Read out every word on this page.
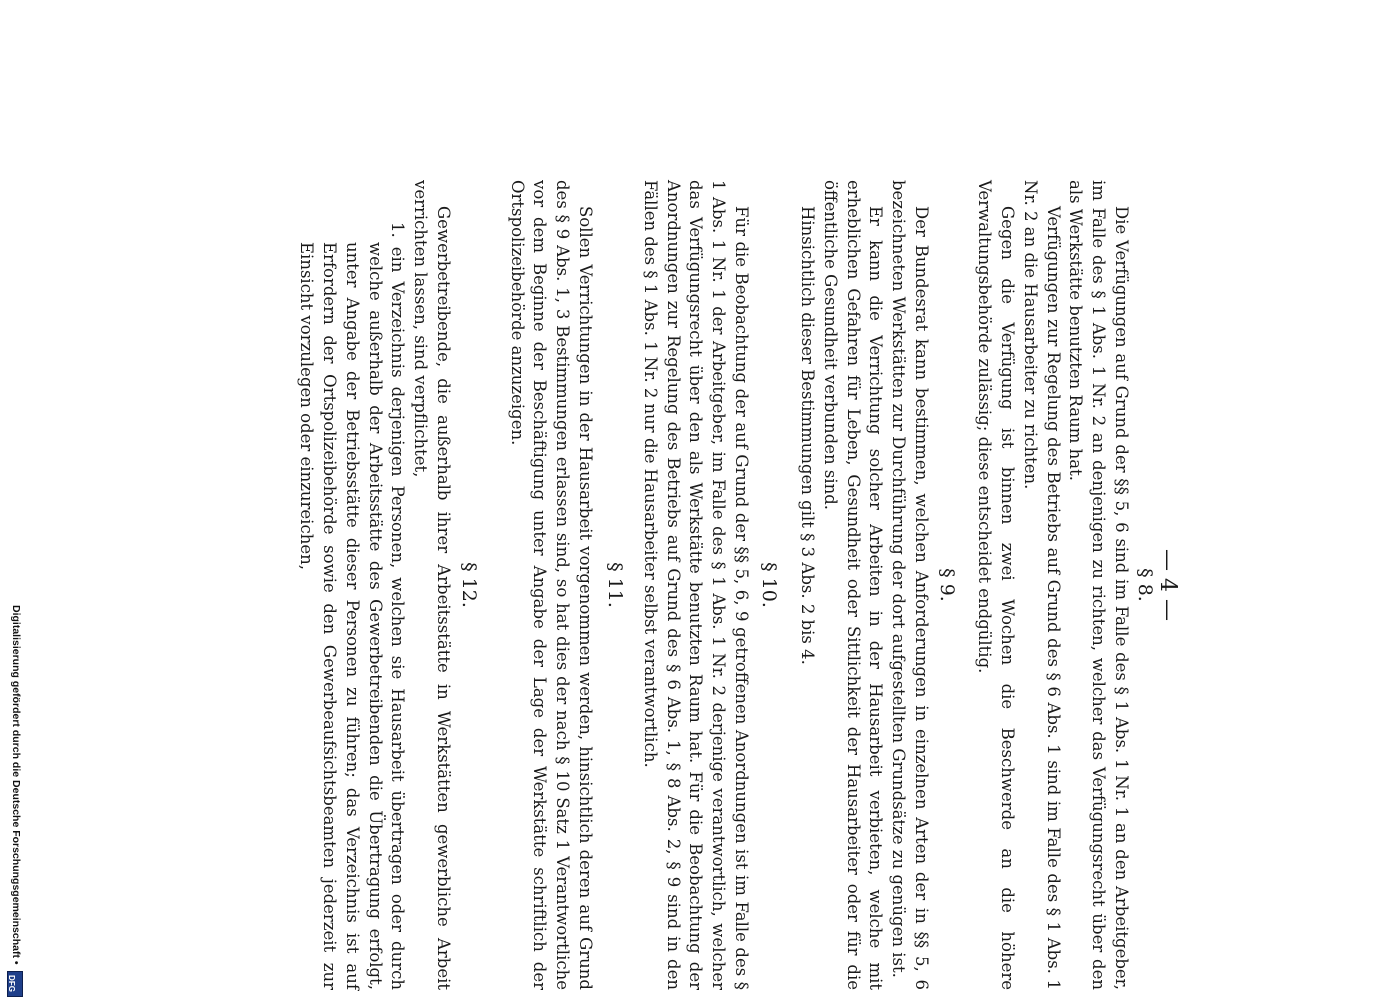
— 4 —
§ 8.

Die Verfügungen auf Grund der §§ 5, 6 sind im Falle des § 1 Abs. 1 Nr. 1 an den Arbeitgeber, im Falle des § 1 Abs. 1 Nr. 2 an denjenigen zu richten, welcher das Verfügungsrecht über den als Werkstätte benutzten Raum hat.

Verfügungen zur Regelung des Betriebs auf Grund des § 6 Abs. 1 sind im Falle des § 1 Abs. 1 Nr. 2 an die Hausarbeiter zu richten.

Gegen die Verfügung ist binnen zwei Wochen die Beschwerde an die höhere Verwaltungsbehörde zulässig; diese entscheidet endgültig.

§ 9.

Der Bundesrat kann bestimmen, welchen Anforderungen in einzelnen Arten der in §§ 5, 6 bezeichneten Werkstätten zur Durchführung der dort aufgestellten Grundsätze zu genügen ist.

Er kann die Verrichtung solcher Arbeiten in der Hausarbeit verbieten, welche mit erheblichen Gefahren für Leben, Gesundheit oder Sittlichkeit der Hausarbeiter oder für die öffentliche Gesundheit verbunden sind.

Hinsichtlich dieser Bestimmungen gilt § 3 Abs. 2 bis 4.

§ 10.

Für die Beobachtung der auf Grund der §§ 5, 6, 9 getroffenen Anordnungen ist im Falle des § 1 Abs. 1 Nr. 1 der Arbeitgeber, im Falle des § 1 Abs. 1 Nr. 2 derjenige verantwortlich, welcher das Verfügungsrecht über den als Werkstätte benutzten Raum hat. Für die Beobachtung der Anordnungen zur Regelung des Betriebs auf Grund des § 6 Abs. 1, § 8 Abs. 2, § 9 sind in den Fällen des § 1 Abs. 1 Nr. 2 nur die Hausarbeiter selbst verantwortlich.

§ 11.

Sollen Verrichtungen in der Hausarbeit vorgenommen werden, hinsichtlich deren auf Grund des § 9 Abs. 1, 3 Bestimmungen erlassen sind, so hat dies der nach § 10 Satz 1 Verantwortliche vor dem Beginne der Beschäftigung unter Angabe der Lage der Werkstätte schriftlich der Ortspolizeibehörde anzuzeigen.

§ 12.

Gewerbetreibende, die außerhalb ihrer Arbeitsstätte in Werkstätten gewerbliche Arbeit verrichten lassen, sind verpflichtet,

1. ein Verzeichnis derjenigen Personen, welchen sie Hausarbeit übertragen oder durch welche außerhalb der Arbeitsstätte des Gewerbetreibenden die Übertragung erfolgt, unter Angabe der Betriebsstätte dieser Personen zu führen; das Verzeichnis ist auf Erfordern der Ortspolizeibehörde sowie den Gewerbeaufsichtsbeamten jederzeit zur Einsicht vorzulegen oder einzureichen,

Digitalisierung gefördert durch die Deutsche Forschungsgemeinschaft •
DFG
